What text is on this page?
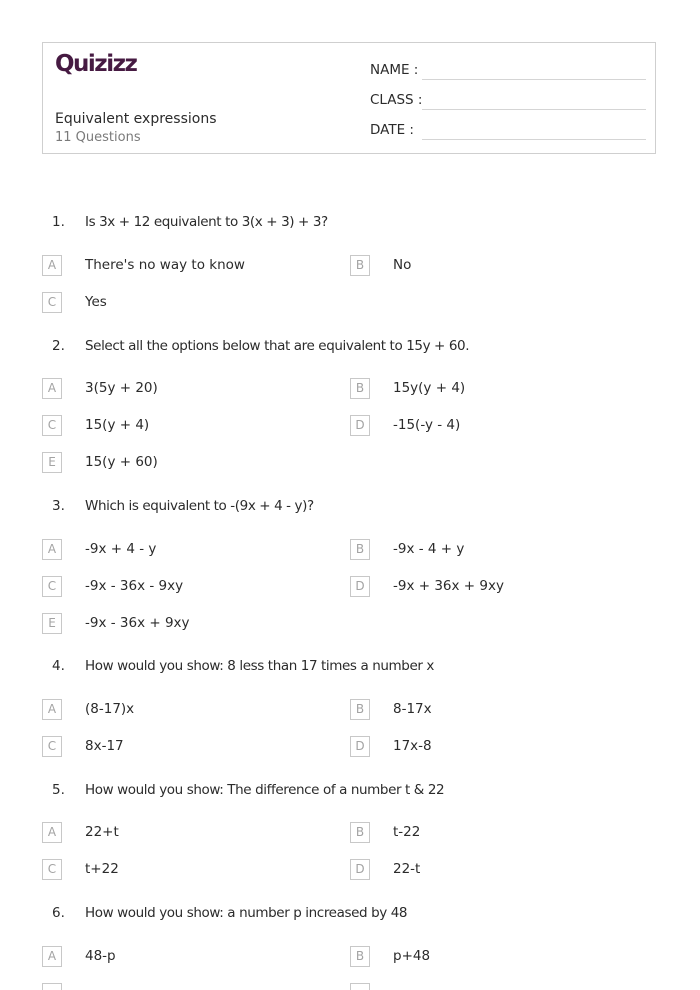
Quizizz
Equivalent expressions
11 Questions
NAME :
CLASS :
DATE :
1. Is 3x + 12 equivalent to 3(x + 3) + 3?
A	There's no way to know	B	No
C	Yes
2. Select all the options below that are equivalent to 15y + 60.
A	3(5y + 20)	B	15y(y + 4)
C	15(y + 4)	D	-15(-y - 4)
E	15(y + 60)
3. Which is equivalent to -(9x + 4 - y)?
A	-9x + 4 - y	B	-9x - 4 + y
C	-9x - 36x - 9xy	D	-9x + 36x + 9xy
E	-9x - 36x + 9xy
4. How would you show: 8 less than 17 times a number x
A	(8-17)x	B	8-17x
C	8x-17	D	17x-8
5. How would you show: The difference of a number t & 22
A	22+t	B	t-22
C	t+22	D	22-t
6. How would you show: a number p increased by 48
A	48-p	B	p+48
